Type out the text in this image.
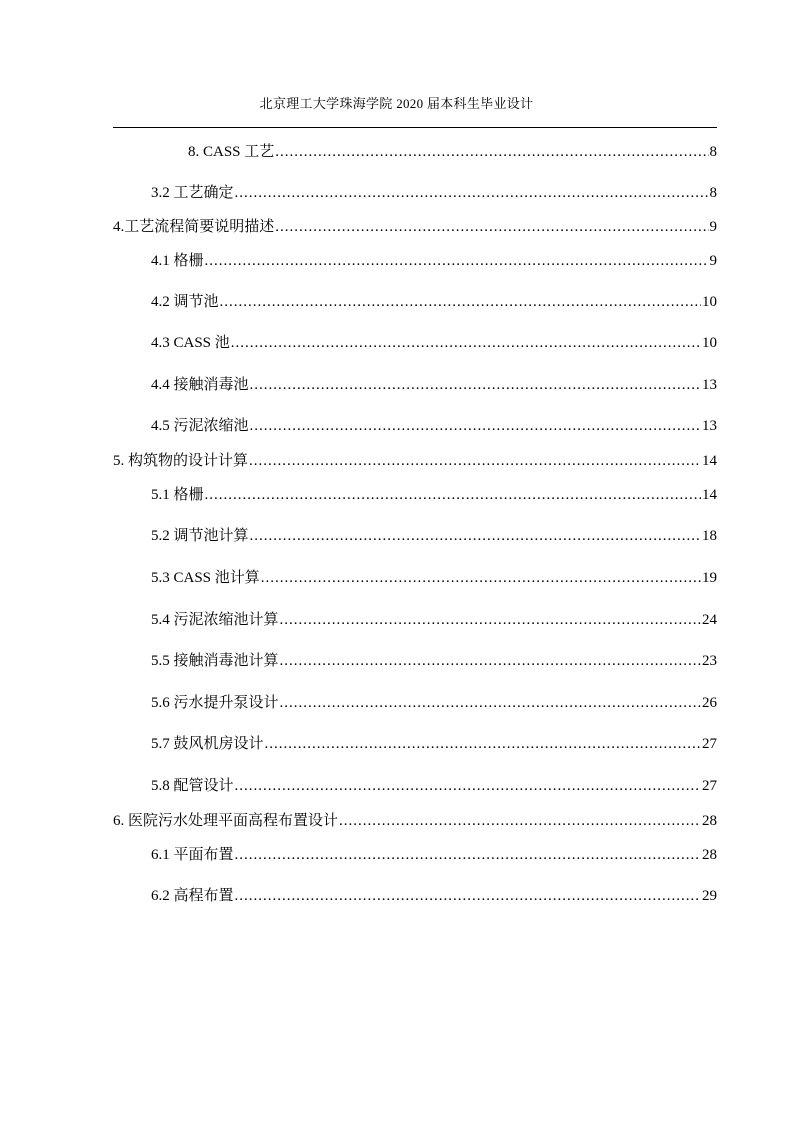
北京理工大学珠海学院 2020 届本科生毕业设计
8. CASS 工艺 .....	8
3.2 工艺确定 .....	8
4.工艺流程简要说明描述 .....	9
4.1 格栅 .....	9
4.2 调节池 .....	10
4.3 CASS 池 .....	10
4.4 接触消毒池 .....	13
4.5 污泥浓缩池 .....	13
5. 构筑物的设计计算 .....	14
5.1 格栅 .....	14
5.2 调节池计算 .....	18
5.3 CASS 池计算 .....	19
5.4 污泥浓缩池计算 .....	24
5.5 接触消毒池计算 .....	23
5.6 污水提升泵设计 .....	26
5.7 鼓风机房设计 .....	27
5.8 配管设计 .....	27
6. 医院污水处理平面高程布置设计 .....	28
6.1 平面布置 .....	28
6.2 高程布置 .....	29
